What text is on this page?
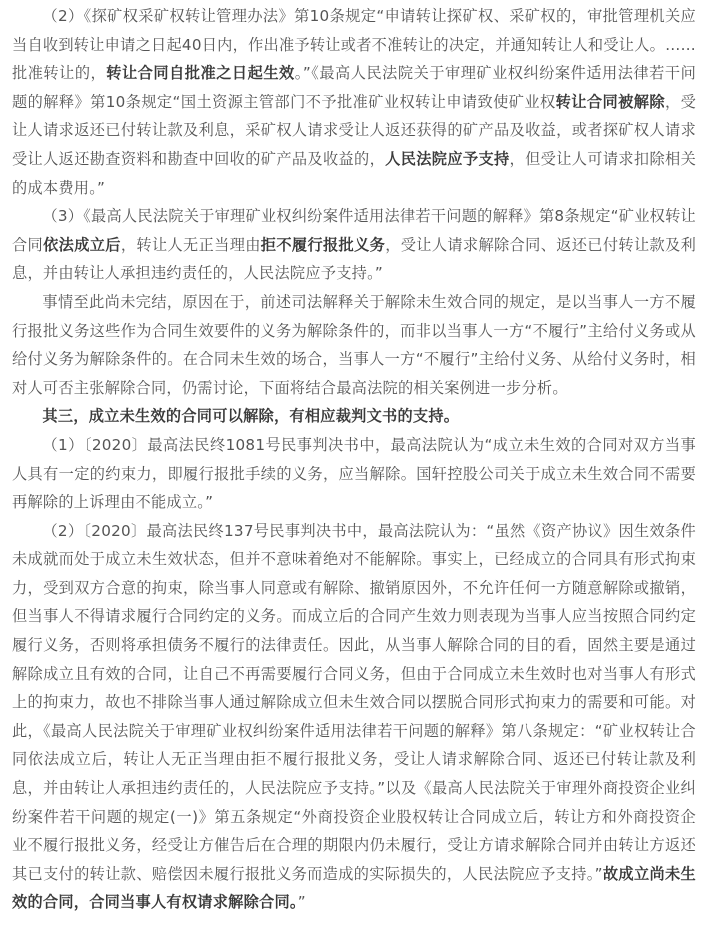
（2）《探矿权采矿权转让管理办法》第10条规定“申请转让探矿权、采矿权的，审批管理机关应当自收到转让申请之日起40日内，作出准予转让或者不准转让的决定，并通知转让人和受让人。……批准转让的，转让合同自批准之日起生效。”《最高人民法院关于审理矿业权纠纷案件适用法律若干问题的解释》第10条规定“国土资源主管部门不予批准矿业权转让申请致使矿业权转让合同被解除，受让人请求返还已付转让款及利息，采矿权人请求受让人返还获得的矿产品及收益，或者探矿权人请求受让人返还勘查资料和勘查中回收的矿产品及收益的，人民法院应予支持，但受让人可请求扣除相关的成本费用。”

（3）《最高人民法院关于审理矿业权纠纷案件适用法律若干问题的解释》第8条规定“矿业权转让合同依法成立后，转让人无正当理由拒不履行报批义务，受让人请求解除合同、返还已付转让款及利息，并由转让人承担违约责任的，人民法院应予支持。”

事情至此尚未完结，原因在于，前述司法解释关于解除未生效合同的规定，是以当事人一方不履行报批义务这些作为合同生效要件的义务为解除条件的，而非以当事人一方“不履行”主给付义务或从给付义务为解除条件的。在合同未生效的场合，当事人一方“不履行”主给付义务、从给付义务时，相对人可否主张解除合同，仍需讨论，下面将结合最高法院的相关案例进一步分析。

其三，成立未生效的合同可以解除，有相应裁判文书的支持。

（1）〔2020〕最高法民终1081号民事判决书中，最高法院认为“成立未生效的合同对双方当事人具有一定的约束力，即履行报批手续的义务，应当解除。国轩控股公司关于成立未生效合同不需要再解除的上诉理由不能成立。”

（2）〔2020〕最高法民终137号民事判决书中，最高法院认为：“虽然《资产协议》因生效条件未成就而处于成立未生效状态，但并不意味着绝对不能解除。事实上，已经成立的合同具有形式拘束力，受到双方合意的拘束，除当事人同意或有解除、撤销原因外，不允许任何一方随意解除或撤销，但当事人不得请求履行合同约定的义务。而成立后的合同产生效力则表现为当事人应当按照合同约定履行义务，否则将承担债务不履行的法律责任。因此，从当事人解除合同的目的看，固然主要是通过解除成立且有效的合同，让自己不再需要履行合同义务，但由于合同成立未生效时也对当事人有形式上的拘束力，故也不排除当事人通过解除成立但未生效合同以摆脱合同形式拘束力的需要和可能。对此，《最高人民法院关于审理矿业权纠纷案件适用法律若干问题的解释》第八条规定：“矿业权转让合同依法成立后，转让人无正当理由拒不履行报批义务，受让人请求解除合同、返还已付转让款及利息，并由转让人承担违约责任的，人民法院应予支持。”以及《最高人民法院关于审理外商投资企业纠纷案件若干问题的规定(一)》第五条规定“外商投资企业股权转让合同成立后，转让方和外商投资企业不履行报批义务，经受让方催告后在合理的期限内仍未履行，受让方请求解除合同并由转让方返还其已支付的转让款、赔偿因未履行报批义务而造成的实际损失的，人民法院应予支持。”故成立尚未生效的合同，合同当事人有权请求解除合同。”
